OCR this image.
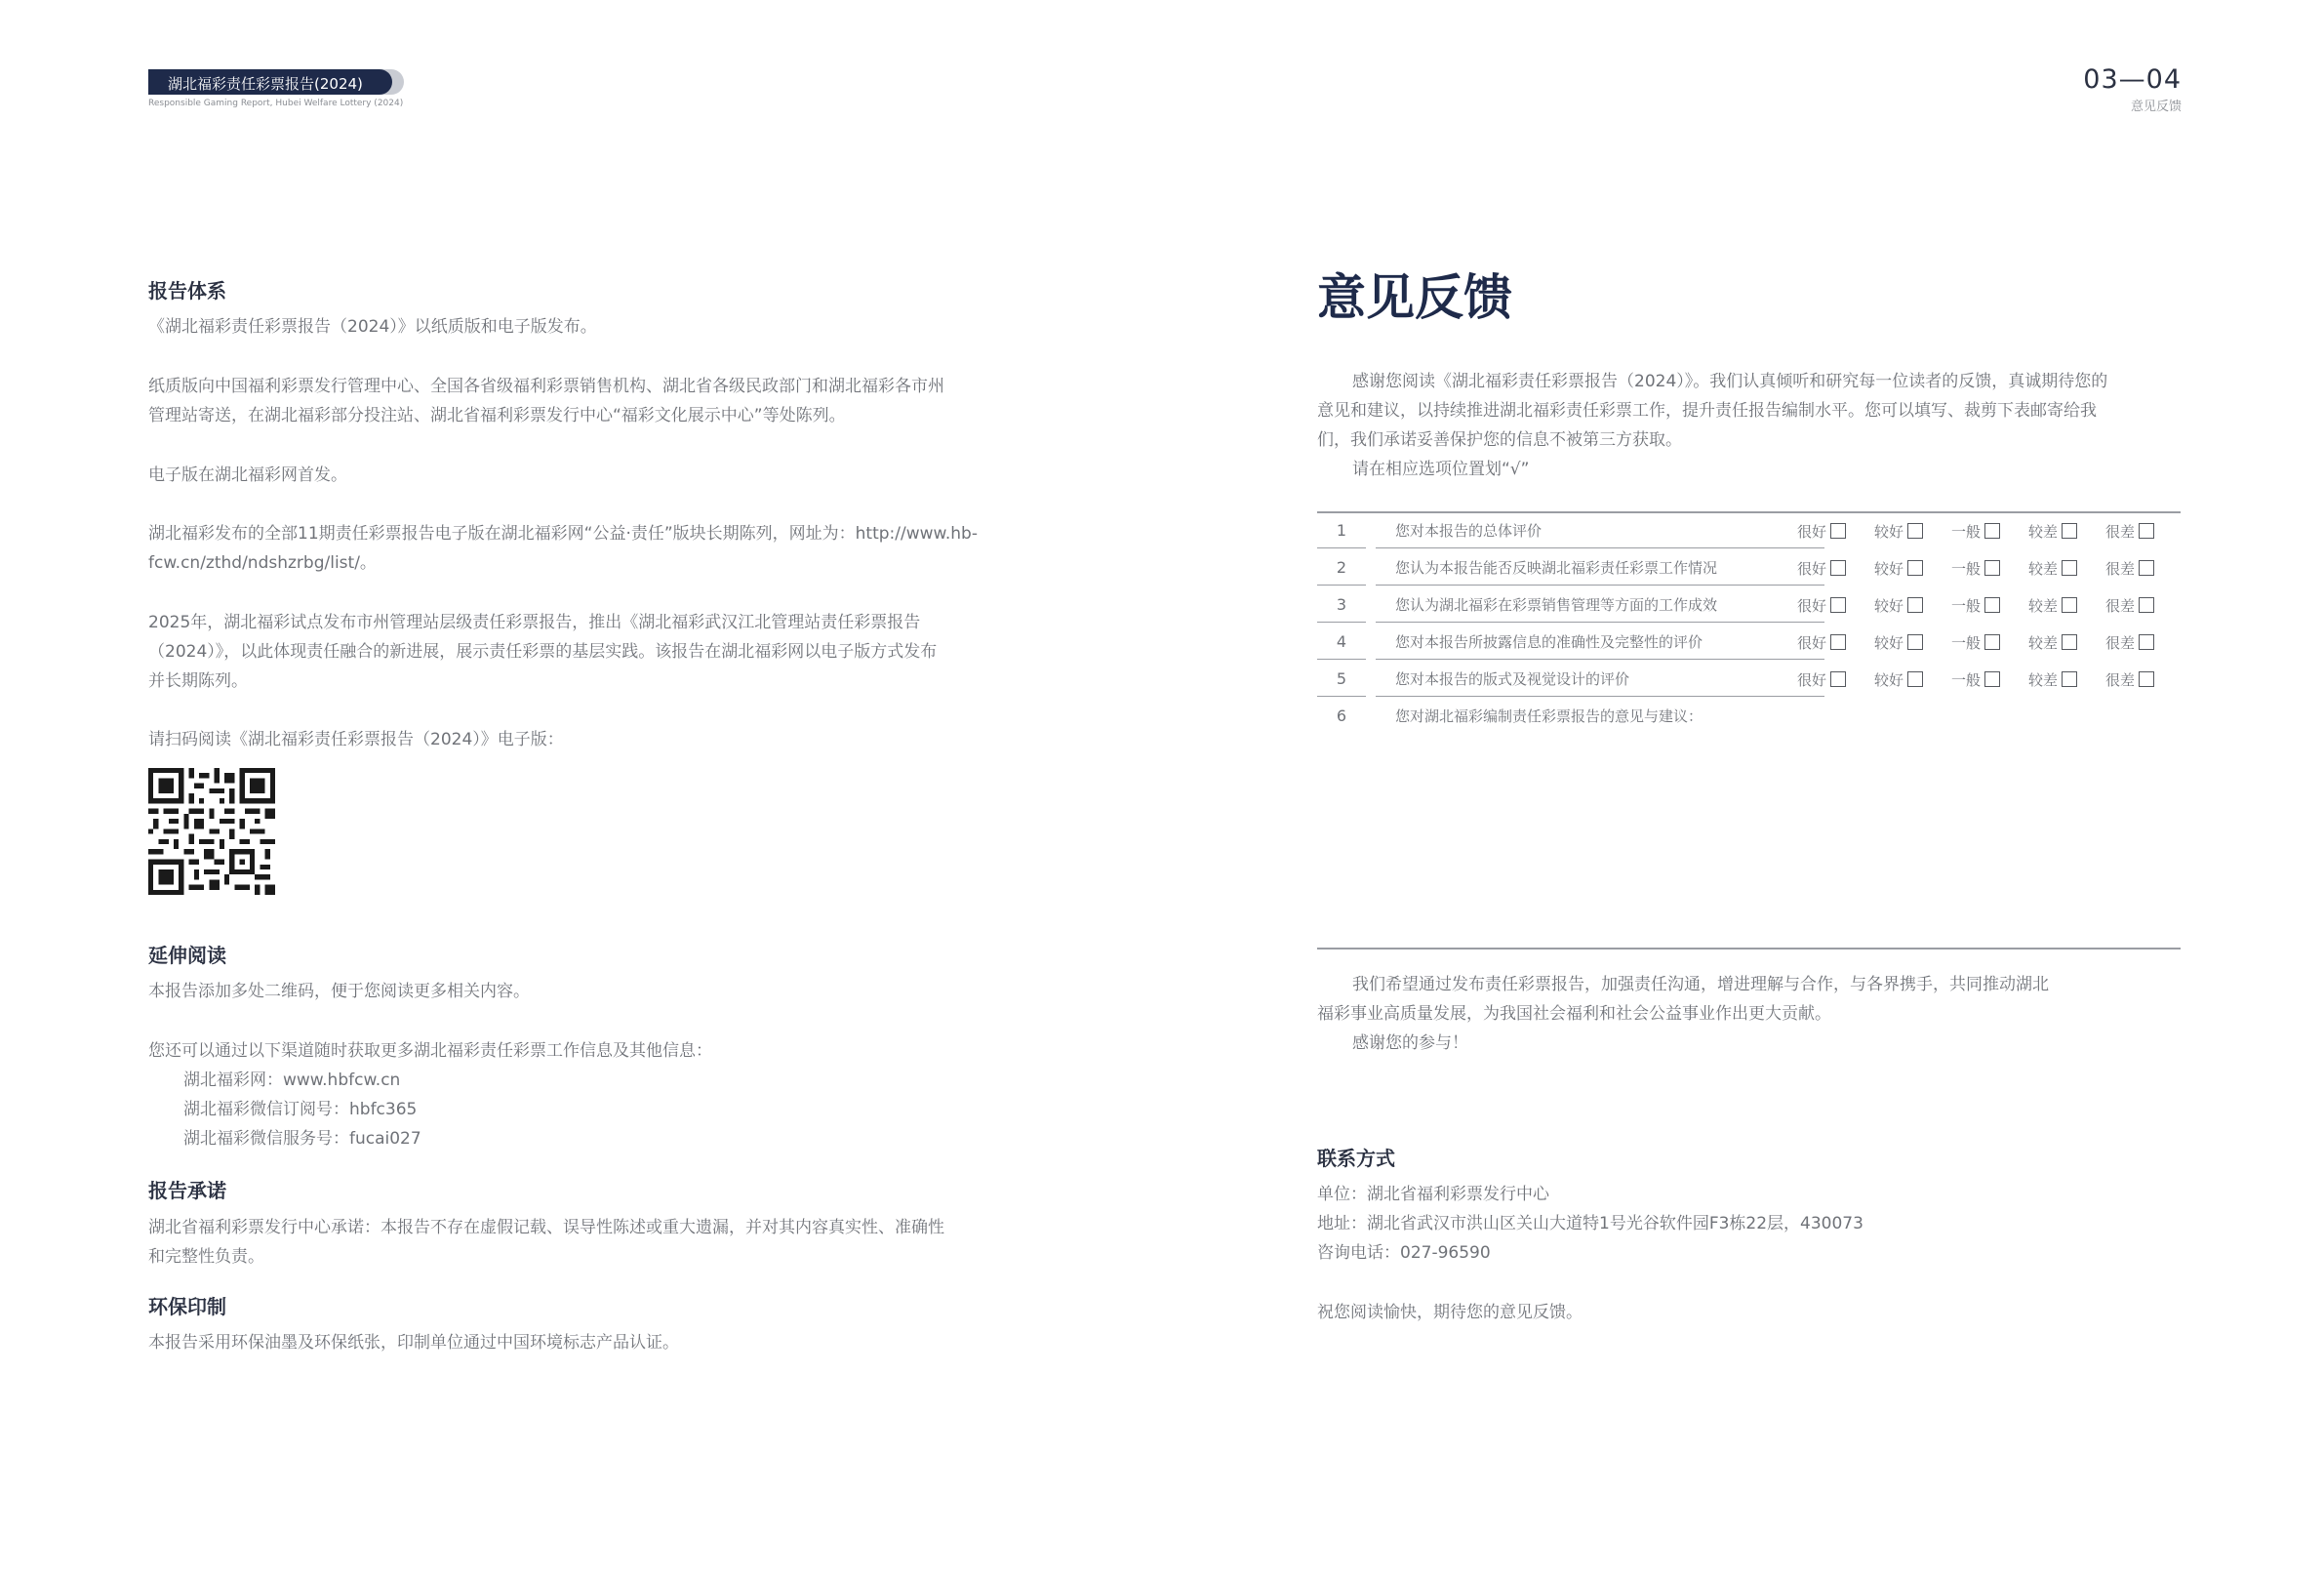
湖北福彩责任彩票报告(2024)
Responsible Gaming Report, Hubei Welfare Lottery (2024)
03—04
意见反馈
报告体系
《湖北福彩责任彩票报告（2024）》以纸质版和电子版发布。
纸质版向中国福利彩票发行管理中心、全国各省级福利彩票销售机构、湖北省各级民政部门和湖北福彩各市州
管理站寄送，在湖北福彩部分投注站、湖北省福利彩票发行中心“福彩文化展示中心”等处陈列。
电子版在湖北福彩网首发。
湖北福彩发布的全部11期责任彩票报告电子版在湖北福彩网“公益·责任”版块长期陈列，网址为：http://www.hb-
fcw.cn/zthd/ndshzrbg/list/。
2025年，湖北福彩试点发布市州管理站层级责任彩票报告，推出《湖北福彩武汉江北管理站责任彩票报告
（2024）》，以此体现责任融合的新进展，展示责任彩票的基层实践。该报告在湖北福彩网以电子版方式发布
并长期陈列。
请扫码阅读《湖北福彩责任彩票报告（2024）》电子版：
延伸阅读
本报告添加多处二维码，便于您阅读更多相关内容。
您还可以通过以下渠道随时获取更多湖北福彩责任彩票工作信息及其他信息：
湖北福彩网：www.hbfcw.cn
湖北福彩微信订阅号：hbfc365
湖北福彩微信服务号：fucai027
报告承诺
湖北省福利彩票发行中心承诺：本报告不存在虚假记载、误导性陈述或重大遗漏，并对其内容真实性、准确性
和完整性负责。
环保印制
本报告采用环保油墨及环保纸张，印制单位通过中国环境标志产品认证。
意见反馈
感谢您阅读《湖北福彩责任彩票报告（2024）》。我们认真倾听和研究每一位读者的反馈，真诚期待您的
意见和建议，以持续推进湖北福彩责任彩票工作，提升责任报告编制水平。您可以填写、裁剪下表邮寄给我
们，我们承诺妥善保护您的信息不被第三方获取。
请在相应选项位置划“√”
1	您对本报告的总体评价	很好	较好	一般	较差	很差
2	您认为本报告能否反映湖北福彩责任彩票工作情况	很好	较好	一般	较差	很差
3	您认为湖北福彩在彩票销售管理等方面的工作成效	很好	较好	一般	较差	很差
4	您对本报告所披露信息的准确性及完整性的评价	很好	较好	一般	较差	很差
5	您对本报告的版式及视觉设计的评价	很好	较好	一般	较差	很差
6	您对湖北福彩编制责任彩票报告的意见与建议：
我们希望通过发布责任彩票报告，加强责任沟通，增进理解与合作，与各界携手，共同推动湖北
福彩事业高质量发展，为我国社会福利和社会公益事业作出更大贡献。
感谢您的参与！
联系方式
单位：湖北省福利彩票发行中心
地址：湖北省武汉市洪山区关山大道特1号光谷软件园F3栋22层，430073
咨询电话：027-96590
祝您阅读愉快，期待您的意见反馈。
